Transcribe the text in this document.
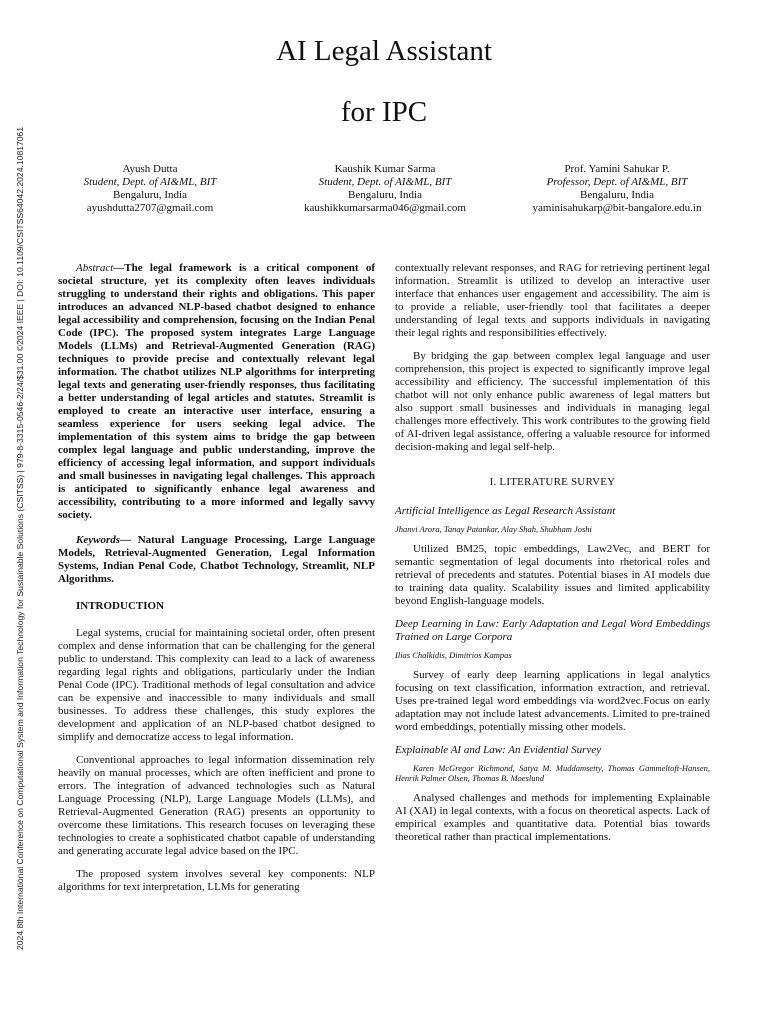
2024 8th International Conference on Computational System and Information Technology for Sustainable Solutions (CSITSS) | 979-8-3315-0546-2/24/$31.00 ©2024 IEEE | DOI: 10.1109/CSITSS64042.2024.10817061
AI Legal Assistant
for IPC
Ayush Dutta
Student, Dept. of AI&ML, BIT
Bengaluru, India
ayushdutta2707@gmail.com
Kaushik Kumar Sarma
Student, Dept. of AI&ML, BIT
Bengaluru, India
kaushikkumarsarma046@gmail.com
Prof. Yamini Sahukar P.
Professor, Dept. of AI&ML, BIT
Bengaluru, India
yaminisahukarp@bit-bangalore.edu.in

Abstract—The legal framework is a critical component of societal structure, yet its complexity often leaves individuals struggling to understand their rights and obligations. This paper introduces an advanced NLP-based chatbot designed to enhance legal accessibility and comprehension, focusing on the Indian Penal Code (IPC). The proposed system integrates Large Language Models (LLMs) and Retrieval-Augmented Generation (RAG) techniques to provide precise and contextually relevant legal information. The chatbot utilizes NLP algorithms for interpreting legal texts and generating user-friendly responses, thus facilitating a better understanding of legal articles and statutes. Streamlit is employed to create an interactive user interface, ensuring a seamless experience for users seeking legal advice. The implementation of this system aims to bridge the gap between complex legal language and public understanding, improve the efficiency of accessing legal information, and support individuals and small businesses in navigating legal challenges. This approach is anticipated to significantly enhance legal awareness and accessibility, contributing to a more informed and legally savvy society.

Keywords— Natural Language Processing, Large Language Models, Retrieval-Augmented Generation, Legal Information Systems, Indian Penal Code, Chatbot Technology, Streamlit, NLP Algorithms.

INTRODUCTION

Legal systems, crucial for maintaining societal order, often present complex and dense information that can be challenging for the general public to understand. This complexity can lead to a lack of awareness regarding legal rights and obligations, particularly under the Indian Penal Code (IPC). Traditional methods of legal consultation and advice can be expensive and inaccessible to many individuals and small businesses. To address these challenges, this study explores the development and application of an NLP-based chatbot designed to simplify and democratize access to legal information.

Conventional approaches to legal information dissemination rely heavily on manual processes, which are often inefficient and prone to errors. The integration of advanced technologies such as Natural Language Processing (NLP), Large Language Models (LLMs), and Retrieval-Augmented Generation (RAG) presents an opportunity to overcome these limitations. This research focuses on leveraging these technologies to create a sophisticated chatbot capable of understanding and generating accurate legal advice based on the IPC.

The proposed system involves several key components: NLP algorithms for text interpretation, LLMs for generating

contextually relevant responses, and RAG for retrieving pertinent legal information. Streamlit is utilized to develop an interactive user interface that enhances user engagement and accessibility. The aim is to provide a reliable, user-friendly tool that facilitates a deeper understanding of legal texts and supports individuals in navigating their legal rights and responsibilities effectively.

By bridging the gap between complex legal language and user comprehension, this project is expected to significantly improve legal accessibility and efficiency. The successful implementation of this chatbot will not only enhance public awareness of legal matters but also support small businesses and individuals in managing legal challenges more effectively. This work contributes to the growing field of AI-driven legal assistance, offering a valuable resource for informed decision-making and legal self-help.

I. LITERATURE SURVEY
Artificial Intelligence as Legal Research Assistant
Jhanvi Arora, Tanay Patankar, Alay Shah, Shubham Joshi

Utilized BM25, topic embeddings, Law2Vec, and BERT for semantic segmentation of legal documents into rhetorical roles and retrieval of precedents and statutes. Potential biases in AI models due to training data quality. Scalability issues and limited applicability beyond English-language models.

Deep Learning in Law: Early Adaptation and Legal Word Embeddings Trained on Large Corpora
Ilias Chalkidis, Dimitrios Kampas

Survey of early deep learning applications in legal analytics focusing on text classification, information extraction, and retrieval. Uses pre-trained legal word embeddings via word2vec.Focus on early adaptation may not include latest advancements. Limited to pre-trained word embeddings, potentially missing other models.

Explainable AI and Law: An Evidential Survey
Karen McGregor Richmond, Satya M. Muddamsetty, Thomas Gammeltoft-Hansen, Henrik Palmer Olsen, Thomas B. Moeslund

Analysed challenges and methods for implementing Explainable AI (XAI) in legal contexts, with a focus on theoretical aspects. Lack of empirical examples and quantitative data. Potential bias towards theoretical rather than practical implementations.
